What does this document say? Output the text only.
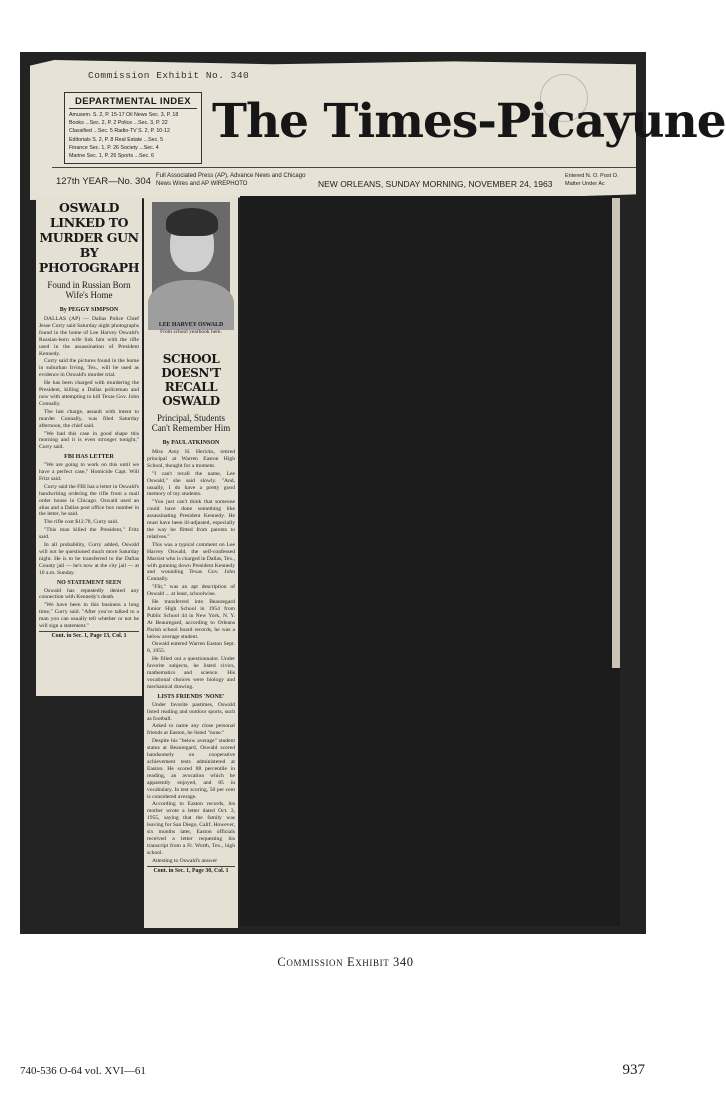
Commission Exhibit No. 340
DEPARTMENTAL INDEX
Amusem. S. 2, P. 15-17 Oil News Sec. 3, P. 18
Books ...Sec. 2, P. 2 Police ...Sec. 3, P. 22
Classified ...Sec. 5 Radio-TV S. 2, P. 10-12
Editorials S. 2, P. 8 Real Estate ...Sec. 5
Finance Sec. 1, P. 26 Society ...Sec. 4
Marine Sec. 1, P. 26 Sports ...Sec. 6
The Times-Picayune
127th YEAR—No. 304 Full Associated Press (AP), Advance News and Chicago News Wires and AP WIREPHOTO	NEW ORLEANS, SUNDAY MORNING, NOVEMBER 24, 1963
Entered N. O. Post O. Matter Under Ac
OSWALD LINKED TO MURDER GUN BY PHOTOGRAPH
Found in Russian Born Wife's Home
By PEGGY SIMPSON

DALLAS (AP) — Dallas Police Chief Jesse Curry said Saturday night photographs found in the home of Lee Harvey Oswald's Russian-born wife link him with the rifle used in the assassination of President Kennedy.

Curry said the pictures found in the home in suburban Irving, Tex., will be used as evidence in Oswald's murder trial.

He has been charged with murdering the President, killing a Dallas policeman and now with attempting to kill Texas Gov. John Connally.

The last charge, assault with intent to murder Connally, was filed Saturday afternoon, the chief said.

"We had this case in good shape this morning and it is even stronger tonight," Curry said.

FBI HAS LETTER

"We are going to work on this until we have a perfect case," Homicide Capt. Will Fritz said.

Curry said the FBI has a letter in Oswald's handwriting ordering the rifle from a mail order house in Chicago. Oswald used an alias and a Dallas post office box number in the letter, he said.

The rifle cost $12.78, Curry said.

"This man killed the President," Fritz said.

In all probability, Curry added, Oswald will not be questioned much more Saturday night. He is to be transferred to the Dallas County jail — he's now at the city jail — at 10 a.m. Sunday.

NO STATEMENT SEEN

Oswald has repeatedly denied any connection with Kennedy's death.

"We have been in this business a long time," Curry said. "After you've talked to a man you can usually tell whether or not he will sign a statement."

Cont. in Sec. 1, Page 13, Col. 1
LEE HARVEY OSWALD
From school yearbook here.
SCHOOL DOESN'T RECALL OSWALD
Principal, Students Can't Remember Him
By PAUL ATKINSON

Miss Amy H. Hericks, retired principal at Warren Easton High School, thought for a moment.

"I can't recall the name, Lee Oswald," she said slowly. "And, usually, I do have a pretty good memory of my students.

"You just can't think that someone could have done something like assassinating President Kennedy. He must have been ill-adjusted, especially the way he flitted from parents to relatives."

This was a typical comment on Lee Harvey Oswald, the self-confessed Marxist who is charged in Dallas, Tex., with gunning down President Kennedy and wounding Texas Gov. John Connally.

"Flit," was an apt description of Oswald ... at least, schoolwise.

He transferred into Beauregard Junior High School in 1954 from Public School 44 in New York, N. Y. At Beauregard, according to Orleans Parish school board records, he was a below average student.

Oswald entered Warren Easton Sept. 8, 1955.

He filled out a questionnaire. Under favorite subjects, he listed civics, mathematics and science. His vocational choices were biology and mechanical drawing.

LISTS FRIENDS 'NONE'

Under favorite pastimes, Oswald listed reading and outdoor sports, such as football.

Asked to name any close personal friends at Easton, he listed "none."

Despite his "below average" student status at Beauregard, Oswald scored handsomely on cooperative achievement tests administered at Easton. He scored 88 percentile in reading, an avocation which he apparently enjoyed, and 85 in vocabulary. In test scoring, 50 per cent is considered average.

According to Easton records, his mother wrote a letter dated Oct. 3, 1955, saying that the family was leaving for San Diego, Calif. However, six months later, Easton officials received a letter requesting his transcript from a Ft. Worth, Tex., high school.

Attesting to Oswald's answer

Cont. in Sec. 1, Page 30, Col. 1
Commission Exhibit 340
740-536 O-64 vol. XVI—61	937
